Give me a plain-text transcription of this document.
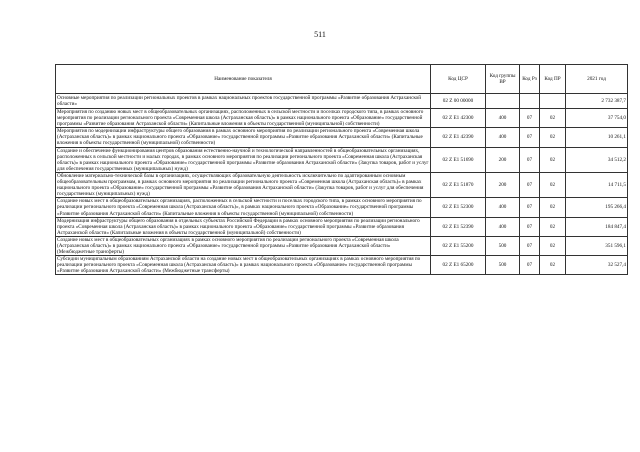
511
Наименование показателя	Код ЦСР	Код группы ВР	Код Рз	Код ПР	2021 год
Основные мероприятия по реализации региональных проектов в рамках национальных проектов государственной программы «Развитие образования Астраханской области»	02 Z 00 00000				2 732 387,7
Мероприятия по созданию новых мест в общеобразовательных организациях, расположенных в сельской местности и поселках городского типа, в рамках основного мероприятия по реализации регионального проекта «Современная школа (Астраханская область)» в рамках национального проекта «Образование» государственной программы «Развитие образования Астраханской области» (Капитальные вложения в объекты государственной (муниципальной) собственности)	02 Z E1 42300	400	07	02	37 754,0
Мероприятия по модернизации инфраструктуры общего образования в рамках основного мероприятия по реализации регионального проекта «Современная школа (Астраханская область)» в рамках национального проекта «Образование» государственной программы «Развитие образования Астраханской области» (Капитальные вложения в объекты государственной (муниципальной) собственности)	02 Z E1 42390	400	07	02	10 261,1
Создание и обеспечение функционирования центров образования естественно-научной и технологической направленностей в общеобразовательных организациях, расположенных в сельской местности и малых городах, в рамках основного мероприятия по реализации регионального проекта «Современная школа (Астраханская область)» в рамках национального проекта «Образование» государственной программы «Развитие образования Астраханской области» (Закупка товаров, работ и услуг для обеспечения государственных (муниципальных) нужд)	02 Z E1 51690	200	07	02	34 512,2
Обновление материально-технической базы в организациях, осуществляющих образовательную деятельность исключительно по адаптированным основным общеобразовательным программам, в рамках основного мероприятия по реализации регионального проекта «Современная школа (Астраханская область)» в рамках национального проекта «Образование» государственной программы «Развитие образования Астраханской области» (Закупка товаров, работ и услуг для обеспечения государственных (муниципальных) нужд)	02 Z E1 51870	200	07	02	14 711,5
Создание новых мест в общеобразовательных организациях, расположенных в сельской местности и поселках городского типа, в рамках основного мероприятия по реализации регионального проекта «Современная школа (Астраханская область)», в рамках национального проекта «Образование» государственной программы «Развитие образования Астраханской области» (Капитальные вложения в объекты государственной (муниципальной) собственности)	02 Z E1 52300	400	07	02	195 266,4
Модернизация инфраструктуры общего образования в отдельных субъектах Российской Федерации в рамках основного мероприятия по реализации регионального проекта «Современная школа (Астраханская область)» в рамках национального проекта «Образование» государственной программы «Развитие образования Астраханской области» (Капитальные вложения в объекты государственной (муниципальной) собственности)	02 Z E1 52390	400	07	02	184 847,4
Создание новых мест в общеобразовательных организациях в рамках основного мероприятия по реализации регионального проекта «Современная школа (Астраханская область)» в рамках национального проекта «Образование» государственной программы «Развитие образования Астраханской области» (Межбюджетные трансферты)	02 Z E1 55200	500	07	02	351 596,1
Субсидии муниципальным образованиям Астраханской области на создание новых мест в общеобразовательных организациях в рамках основного мероприятия по реализации регионального проекта «Современная школа (Астраханская область)» в рамках национального проекта «Образование» государственной программы «Развитие образования Астраханской области» (Межбюджетные трансферты)	02 Z E1 65200	500	07	02	32 527,4
